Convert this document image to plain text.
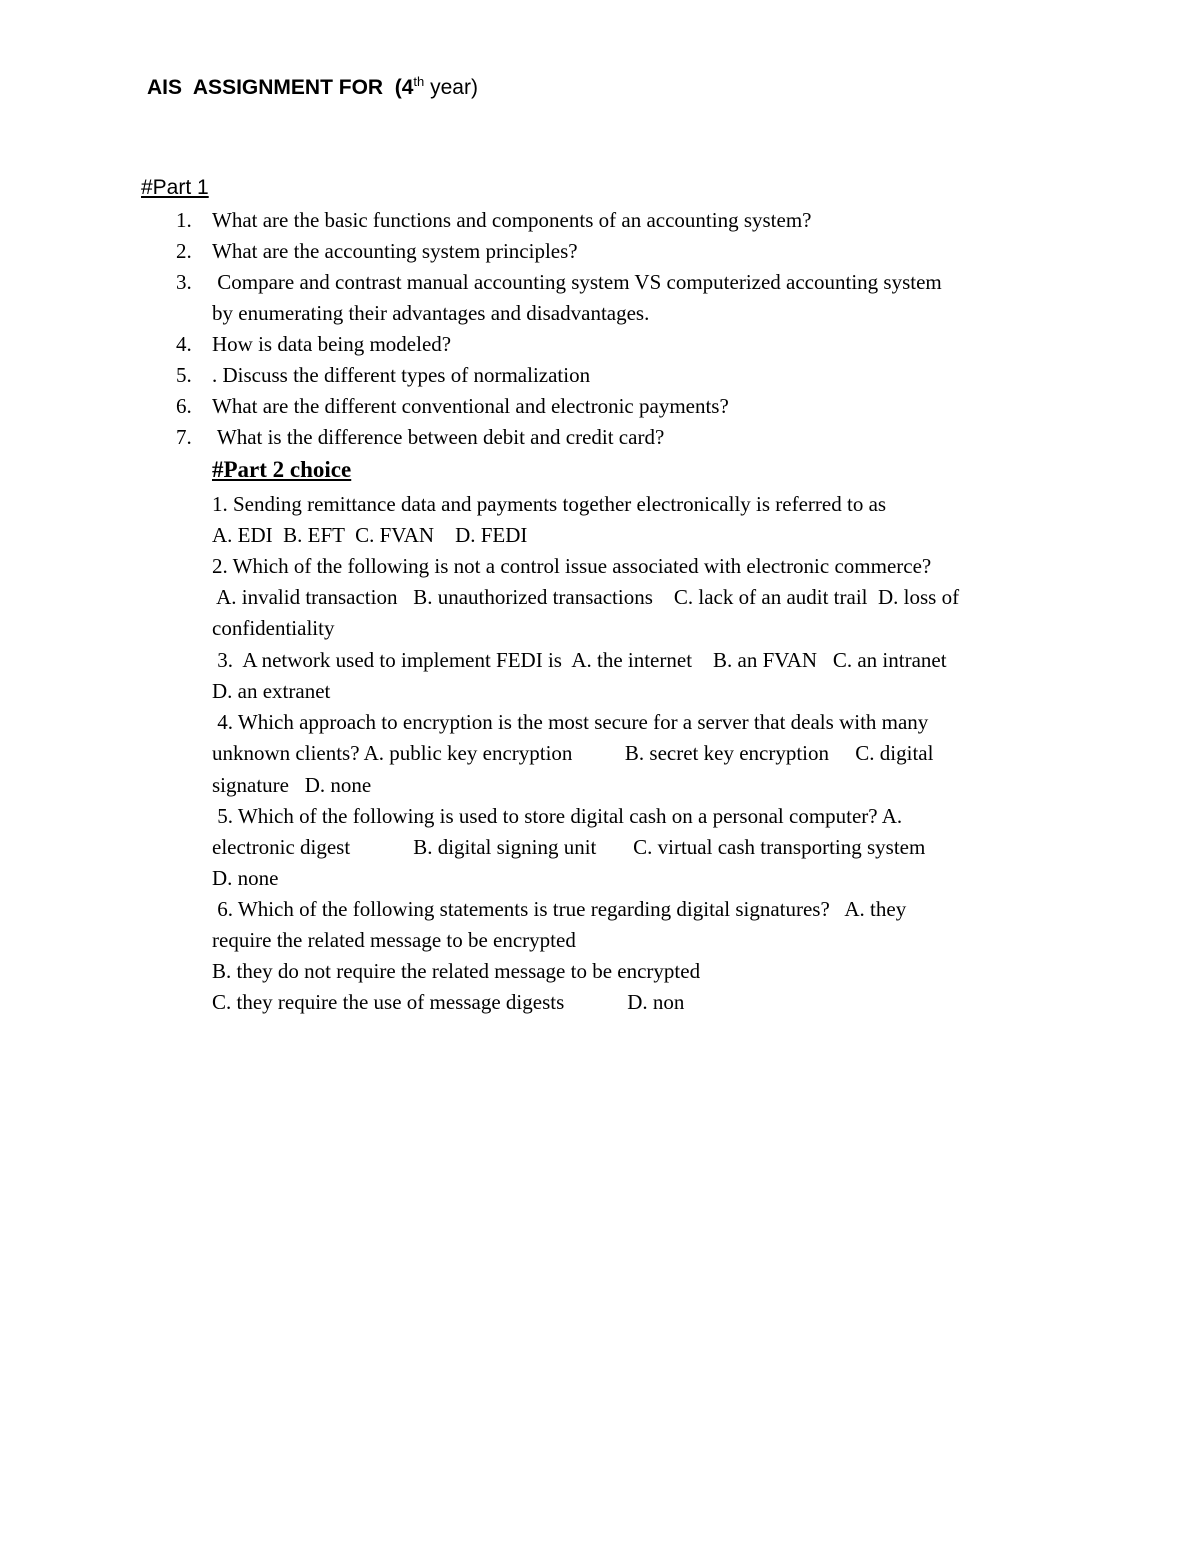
AIS  ASSIGNMENT FOR  (4th year)
#Part 1
1. What are the basic functions and components of an accounting system?
2. What are the accounting system principles?
3. Compare and contrast manual accounting system VS computerized accounting system
by enumerating their advantages and disadvantages.
4. How is data being modeled?
5. . Discuss the different types of normalization
6. What are the different conventional and electronic payments?
7. What is the difference between debit and credit card?
#Part 2 choice
1. Sending remittance data and payments together electronically is referred to as
A. EDI  B. EFT  C. FVAN    D. FEDI
2. Which of the following is not a control issue associated with electronic commerce?
A. invalid transaction   B. unauthorized transactions    C. lack of an audit trail  D. loss of
confidentiality
3.  A network used to implement FEDI is  A. the internet    B. an FVAN   C. an intranet
D. an extranet
4. Which approach to encryption is the most secure for a server that deals with many
unknown clients? A. public key encryption          B. secret key encryption     C. digital
signature   D. none
5. Which of the following is used to store digital cash on a personal computer? A.
electronic digest            B. digital signing unit       C. virtual cash transporting system
D. none
6. Which of the following statements is true regarding digital signatures?   A. they
require the related message to be encrypted
B. they do not require the related message to be encrypted
C. they require the use of message digests            D. non
